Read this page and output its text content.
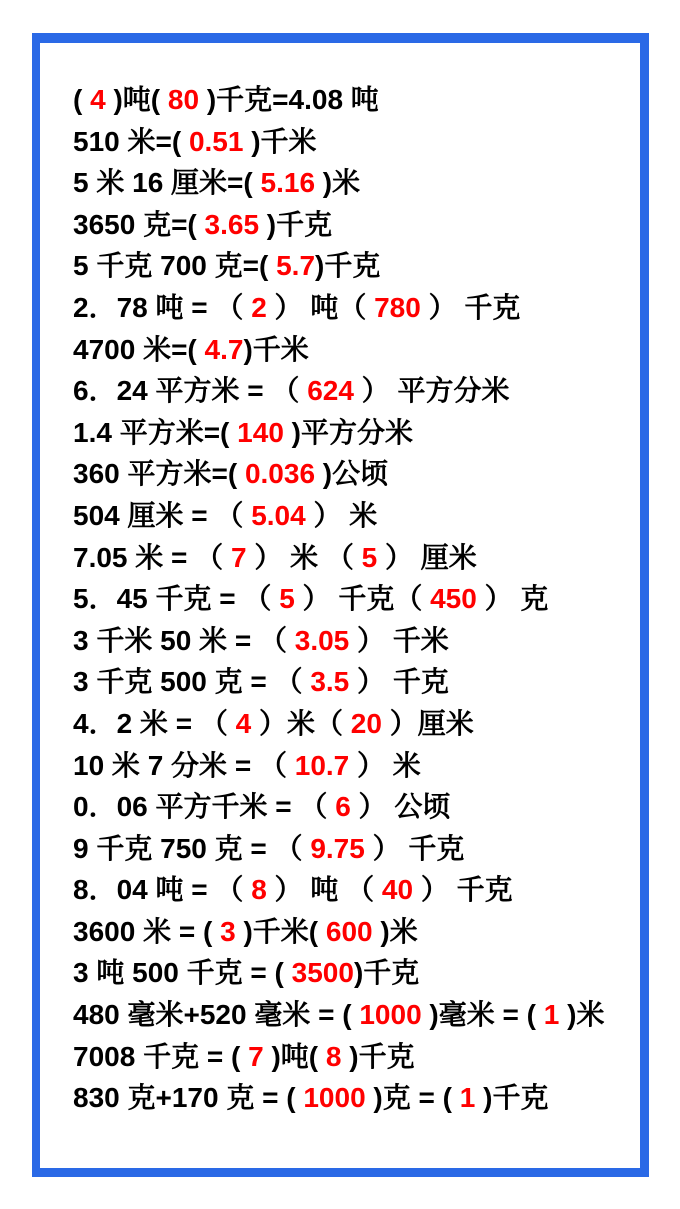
( 4 )吨( 80 )千克=4.08 吨
510 米=( 0.51 )千米
5 米 16 厘米=( 5.16 )米
3650 克=( 3.65 )千克
5 千克 700 克=( 5.7)千克
2．78 吨 = （ 2 ） 吨（ 780 ） 千克
4700 米=( 4.7)千米
6．24 平方米 = （ 624 ） 平方分米
1.4 平方米=( 140 )平方分米
360 平方米=( 0.036 )公顷
504 厘米 = （ 5.04 ） 米
7.05 米 = （ 7 ） 米 （ 5 ） 厘米
5．45 千克 = （ 5 ） 千克（ 450 ） 克
3 千米 50 米 = （ 3.05 ） 千米
3 千克 500 克 = （ 3.5 ） 千克
4．2 米 = （ 4 ）米（ 20 ）厘米
10 米 7 分米 = （ 10.7 ） 米
0．06 平方千米 = （ 6 ） 公顷
9 千克 750 克 = （ 9.75 ） 千克
8．04 吨 = （ 8 ） 吨 （ 40 ） 千克
3600 米 = ( 3 )千米( 600 )米
3 吨 500 千克 = ( 3500)千克
480 毫米+520 毫米 = ( 1000 )毫米 = ( 1 )米
7008 千克 = ( 7 )吨( 8 )千克
830 克+170 克 = ( 1000 )克 = ( 1 )千克
